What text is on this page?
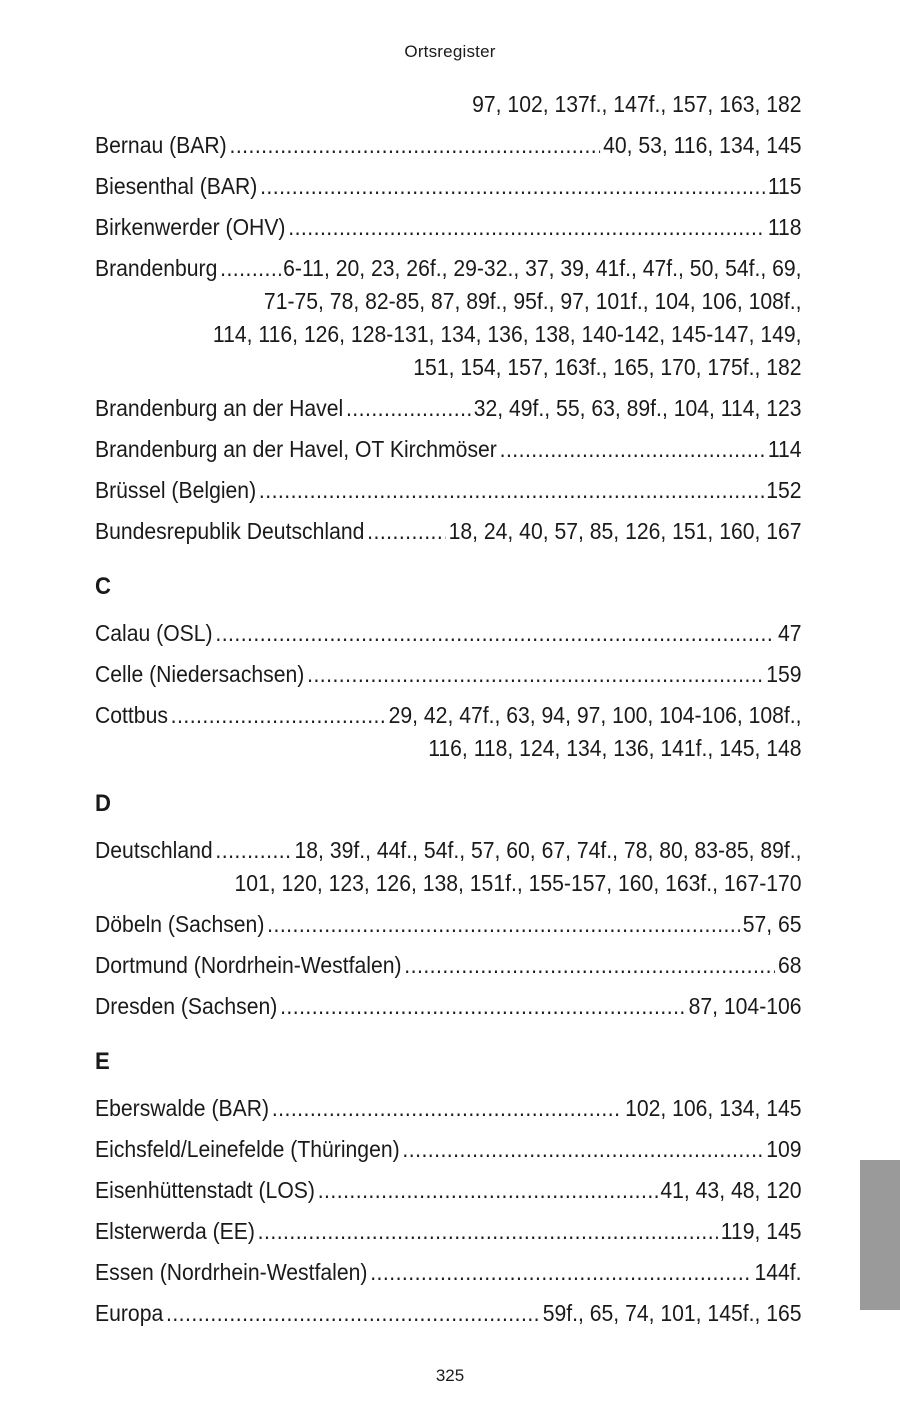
Ortsregister
97, 102, 137f., 147f., 157, 163, 182
Bernau (BAR) .....	40, 53, 116, 134, 145
Biesenthal (BAR) .....	115
Birkenwerder (OHV) .....	118
Brandenburg .....	6-11, 20, 23, 26f., 29-32., 37, 39, 41f., 47f., 50, 54f., 69,
71-75, 78, 82-85, 87, 89f., 95f., 97, 101f., 104, 106, 108f.,
114, 116, 126, 128-131, 134, 136, 138, 140-142, 145-147, 149,
151, 154, 157, 163f., 165, 170, 175f., 182
Brandenburg an der Havel .....	32, 49f., 55, 63, 89f., 104, 114, 123
Brandenburg an der Havel, OT Kirchmöser .....	114
Brüssel (Belgien) .....	152
Bundesrepublik Deutschland .....	18, 24, 40, 57, 85, 126, 151, 160, 167
C
Calau (OSL) .....	47
Celle (Niedersachsen) .....	159
Cottbus .....	29, 42, 47f., 63, 94, 97, 100, 104-106, 108f.,
116, 118, 124, 134, 136, 141f., 145, 148
D
Deutschland .....	18, 39f., 44f., 54f., 57, 60, 67, 74f., 78, 80, 83-85, 89f.,
101, 120, 123, 126, 138, 151f., 155-157, 160, 163f., 167-170
Döbeln (Sachsen) .....	57, 65
Dortmund (Nordrhein-Westfalen) .....	68
Dresden (Sachsen) .....	87, 104-106
E
Eberswalde (BAR) .....	102, 106, 134, 145
Eichsfeld/Leinefelde (Thüringen) .....	109
Eisenhüttenstadt (LOS) .....	41, 43, 48, 120
Elsterwerda (EE) .....	119, 145
Essen (Nordrhein-Westfalen) .....	144f.
Europa .....	59f., 65, 74, 101, 145f., 165
325
